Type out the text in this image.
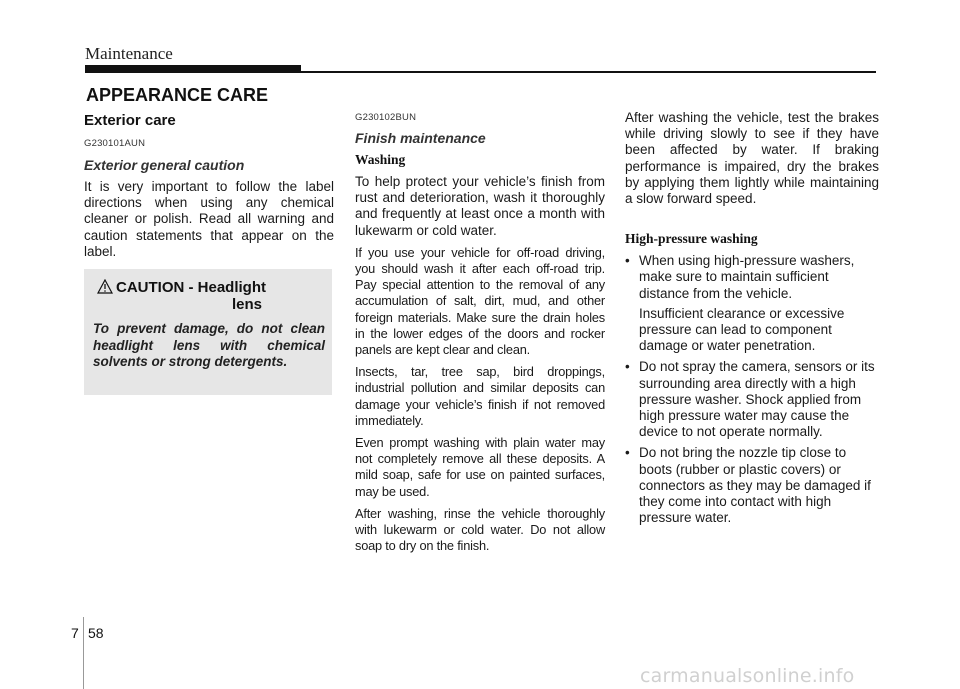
Maintenance
APPEARANCE CARE

Exterior care

G230101AUN

Exterior general caution

It is very important to follow the label directions when using any chemical cleaner or polish. Read all warning and caution statements that appear on the label.

CAUTION - Headlight
lens

To prevent damage, do not clean headlight lens with chemical solvents or strong detergents.

G230102BUN

Finish maintenance

Washing

To help protect your vehicle’s finish from rust and deterioration, wash it thoroughly and frequently at least once a month with lukewarm or cold water.

If you use your vehicle for off-road driving, you should wash it after each off-road trip. Pay special attention to the removal of any accumulation of salt, dirt, mud, and other foreign materials. Make sure the drain holes in the lower edges of the doors and rocker panels are kept clear and clean.

Insects, tar, tree sap, bird droppings, industrial pollution and similar deposits can damage your vehicle’s finish if not removed immediately.

Even prompt washing with plain water may not completely remove all these deposits. A mild soap, safe for use on painted surfaces, may be used.

After washing, rinse the vehicle thoroughly with lukewarm or cold water. Do not allow soap to dry on the finish.

After washing the vehicle, test the brakes while driving slowly to see if they have been affected by water. If braking performance is impaired, dry the brakes by applying them lightly while maintaining a slow forward speed.

High-pressure washing

• When using high-pressure washers, make sure to maintain sufficient distance from the vehicle.

Insufficient clearance or excessive pressure can lead to component damage or water penetration.

• Do not spray the camera, sensors or its surrounding area directly with a high pressure washer. Shock applied from high pressure water may cause the device to not operate normally.
• Do not bring the nozzle tip close to boots (rubber or plastic covers) or connectors as they may be damaged if they come into contact with high pressure water.
7 58
carmanualsonline.info
